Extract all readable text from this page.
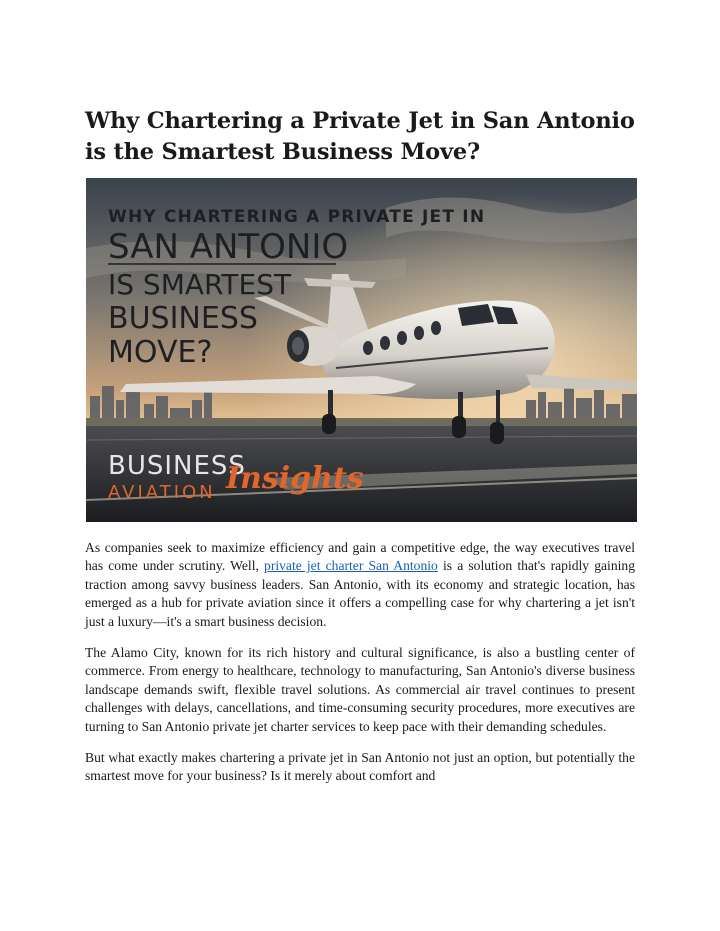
Why Chartering a Private Jet in San Antonio is the Smartest Business Move?
WHY CHARTERING A PRIVATE JET IN
SAN ANTONIO
IS SMARTEST
BUSINESS
MOVE?
BUSINESS
AVIATION Insights

As companies seek to maximize efficiency and gain a competitive edge, the way executives travel has come under scrutiny. Well, private jet charter San Antonio is a solution that's rapidly gaining traction among savvy business leaders. San Antonio, with its economy and strategic location, has emerged as a hub for private aviation since it offers a compelling case for why chartering a jet isn't just a luxury—it's a smart business decision.

The Alamo City, known for its rich history and cultural significance, is also a bustling center of commerce. From energy to healthcare, technology to manufacturing, San Antonio's diverse business landscape demands swift, flexible travel solutions. As commercial air travel continues to present challenges with delays, cancellations, and time-consuming security procedures, more executives are turning to San Antonio private jet charter services to keep pace with their demanding schedules.

But what exactly makes chartering a private jet in San Antonio not just an option, but potentially the smartest move for your business? Is it merely about comfort and
